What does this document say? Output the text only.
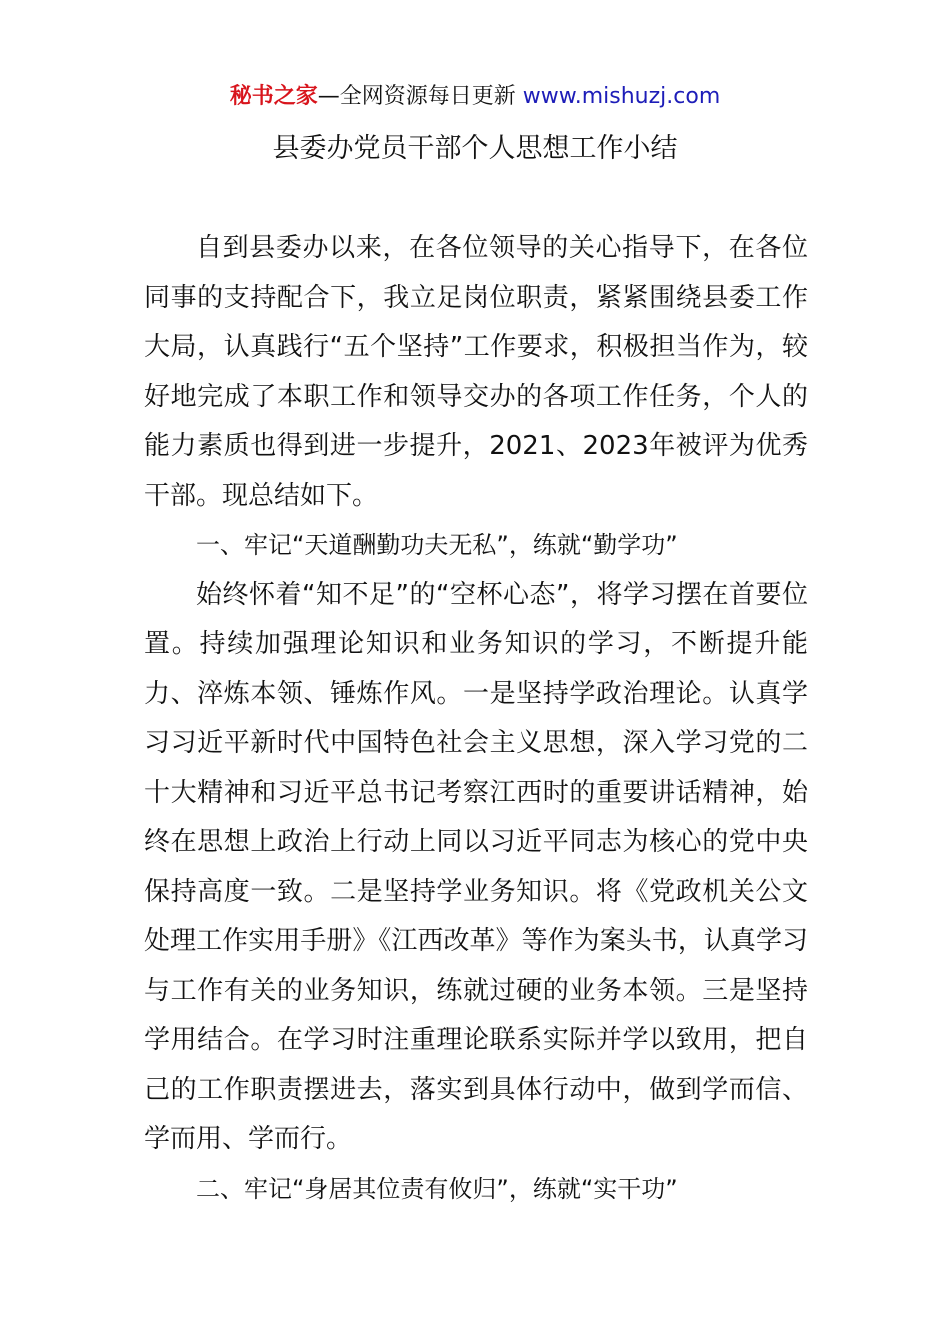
秘书之家—全网资源每日更新 www.mishuzj.com
县委办党员干部个人思想工作小结

自到县委办以来，在各位领导的关心指导下，在各位同事的支持配合下，我立足岗位职责，紧紧围绕县委工作大局，认真践行“五个坚持”工作要求，积极担当作为，较好地完成了本职工作和领导交办的各项工作任务，个人的能力素质也得到进一步提升，2021、2023年被评为优秀干部。现总结如下。

一、牢记“天道酬勤功夫无私”，练就“勤学功”

始终怀着“知不足”的“空杯心态”，将学习摆在首要位置。持续加强理论知识和业务知识的学习，不断提升能力、淬炼本领、锤炼作风。一是坚持学政治理论。认真学习习近平新时代中国特色社会主义思想，深入学习党的二十大精神和习近平总书记考察江西时的重要讲话精神，始终在思想上政治上行动上同以习近平同志为核心的党中央保持高度一致。二是坚持学业务知识。将《党政机关公文处理工作实用手册》《江西改革》等作为案头书，认真学习与工作有关的业务知识，练就过硬的业务本领。三是坚持学用结合。在学习时注重理论联系实际并学以致用，把自己的工作职责摆进去，落实到具体行动中，做到学而信、学而用、学而行。

二、牢记“身居其位责有攸归”，练就“实干功”
